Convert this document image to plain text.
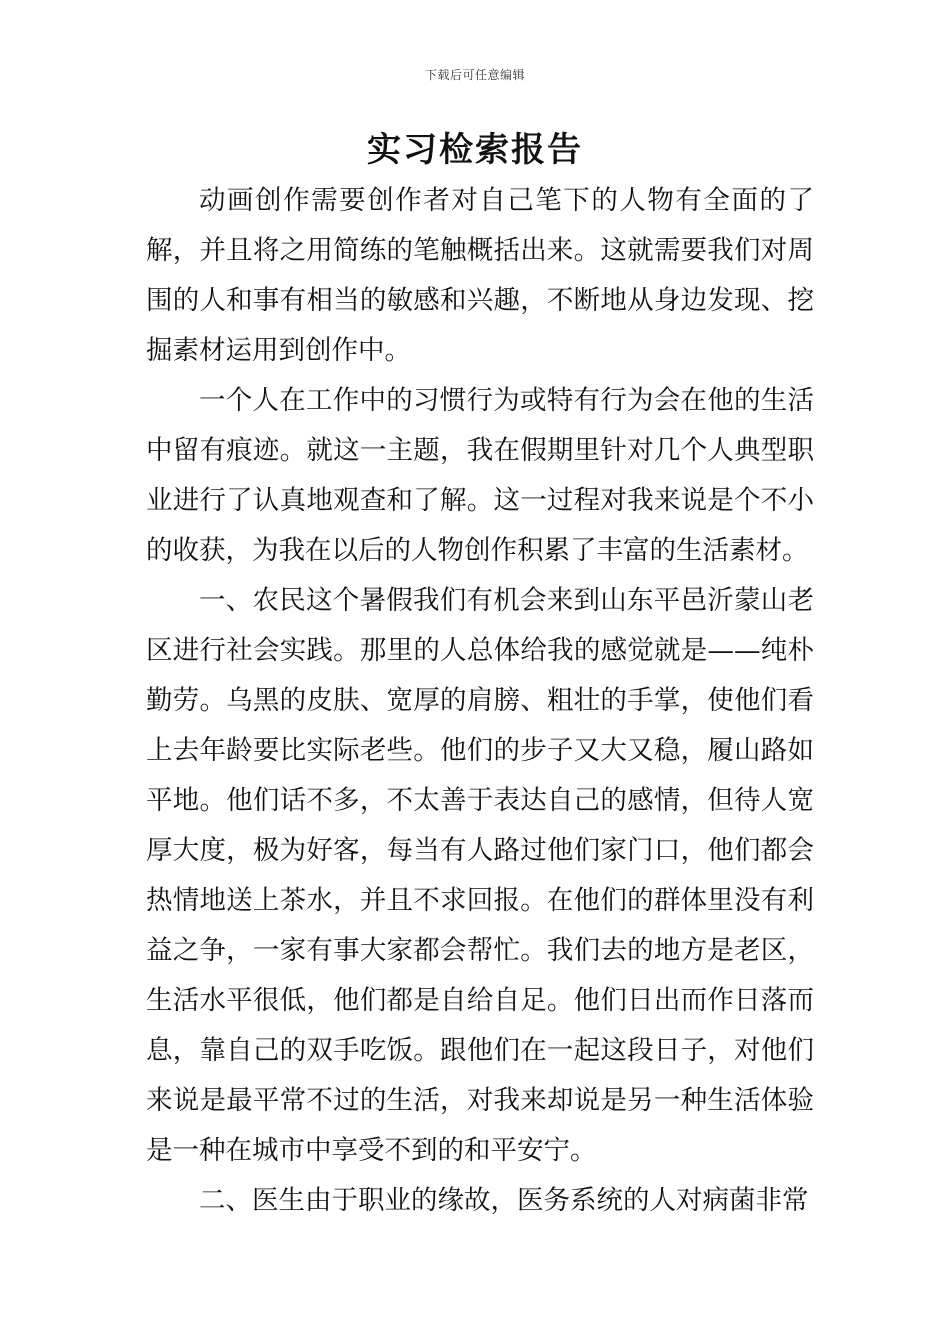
下载后可任意编辑
实习检索报告

动画创作需要创作者对自己笔下的人物有全面的了解，并且将之用简练的笔触概括出来。这就需要我们对周围的人和事有相当的敏感和兴趣，不断地从身边发现、挖掘素材运用到创作中。

一个人在工作中的习惯行为或特有行为会在他的生活中留有痕迹。就这一主题，我在假期里针对几个人典型职业进行了认真地观查和了解。这一过程对我来说是个不小的收获，为我在以后的人物创作积累了丰富的生活素材。

一、农民这个暑假我们有机会来到山东平邑沂蒙山老区进行社会实践。那里的人总体给我的感觉就是——纯朴勤劳。乌黑的皮肤、宽厚的肩膀、粗壮的手掌，使他们看上去年龄要比实际老些。他们的步子又大又稳，履山路如平地。他们话不多，不太善于表达自己的感情，但待人宽厚大度，极为好客，每当有人路过他们家门口，他们都会热情地送上茶水，并且不求回报。在他们的群体里没有利益之争，一家有事大家都会帮忙。我们去的地方是老区，生活水平很低，他们都是自给自足。他们日出而作日落而息，靠自己的双手吃饭。跟他们在一起这段日子，对他们来说是最平常不过的生活，对我来却说是另一种生活体验是一种在城市中享受不到的和平安宁。

二、医生由于职业的缘故，医务系统的人对病菌非常
